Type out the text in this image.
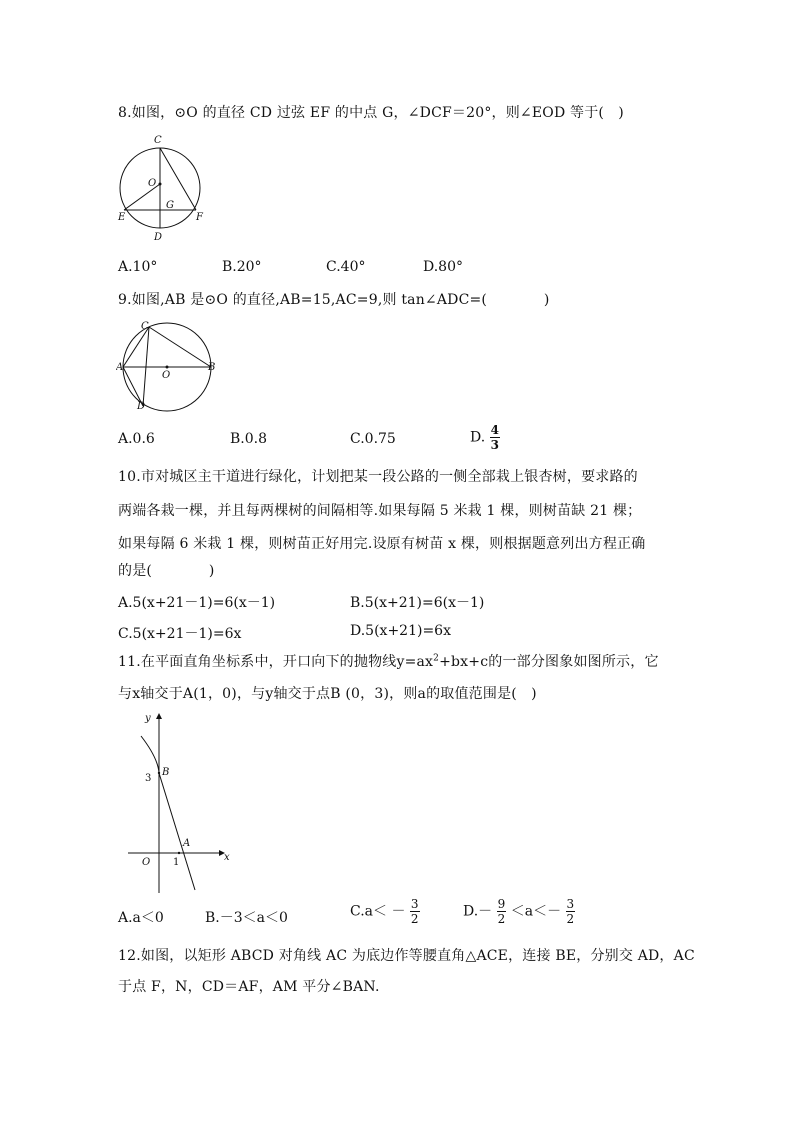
8.如图，⊙O 的直径 CD 过弦 EF 的中点 G，∠DCF＝20°，则∠EOD 等于(　)
C
O
G
E	F
D
A.10°	B.20°	C.40°	D.80°
9.如图,AB 是⊙O 的直径,AB=15,AC=9,则 tan∠ADC=(　　　　)
C
A
O
B
D
A.0.6	B.0.8	C.0.75	D. $\frac{4}{3}$
10.市对城区主干道进行绿化，计划把某一段公路的一侧全部栽上银杏树，要求路的
两端各栽一棵，并且每两棵树的间隔相等.如果每隔 5 米栽 1 棵，则树苗缺 21 棵；
如果每隔 6 米栽 1 棵，则树苗正好用完.设原有树苗 x 棵，则根据题意列出方程正确
的是(　　　　)
A.5(x+21－1)=6(x－1)	B.5(x+21)=6(x－1)
C.5(x+21－1)=6x	D.5(x+21)=6x
11.在平面直角坐标系中，开口向下的抛物线$y=ax^2+bx+c$的一部分图象如图所示，它
与x轴交于A(1，0)，与y轴交于点B (0，3)，则a的取值范围是(　)
y
x
O
B
A
3
1
A.a＜0	B.－3＜a＜0	$C.a< - \frac{3}{2}$	$D.- \frac{9}{2} <a<- \frac{3}{2}$
12.如图，以矩形 ABCD 对角线 AC 为底边作等腰直角△ACE，连接 BE，分别交 AD，AC
于点 F，N，CD＝AF，AM 平分∠BAN.
